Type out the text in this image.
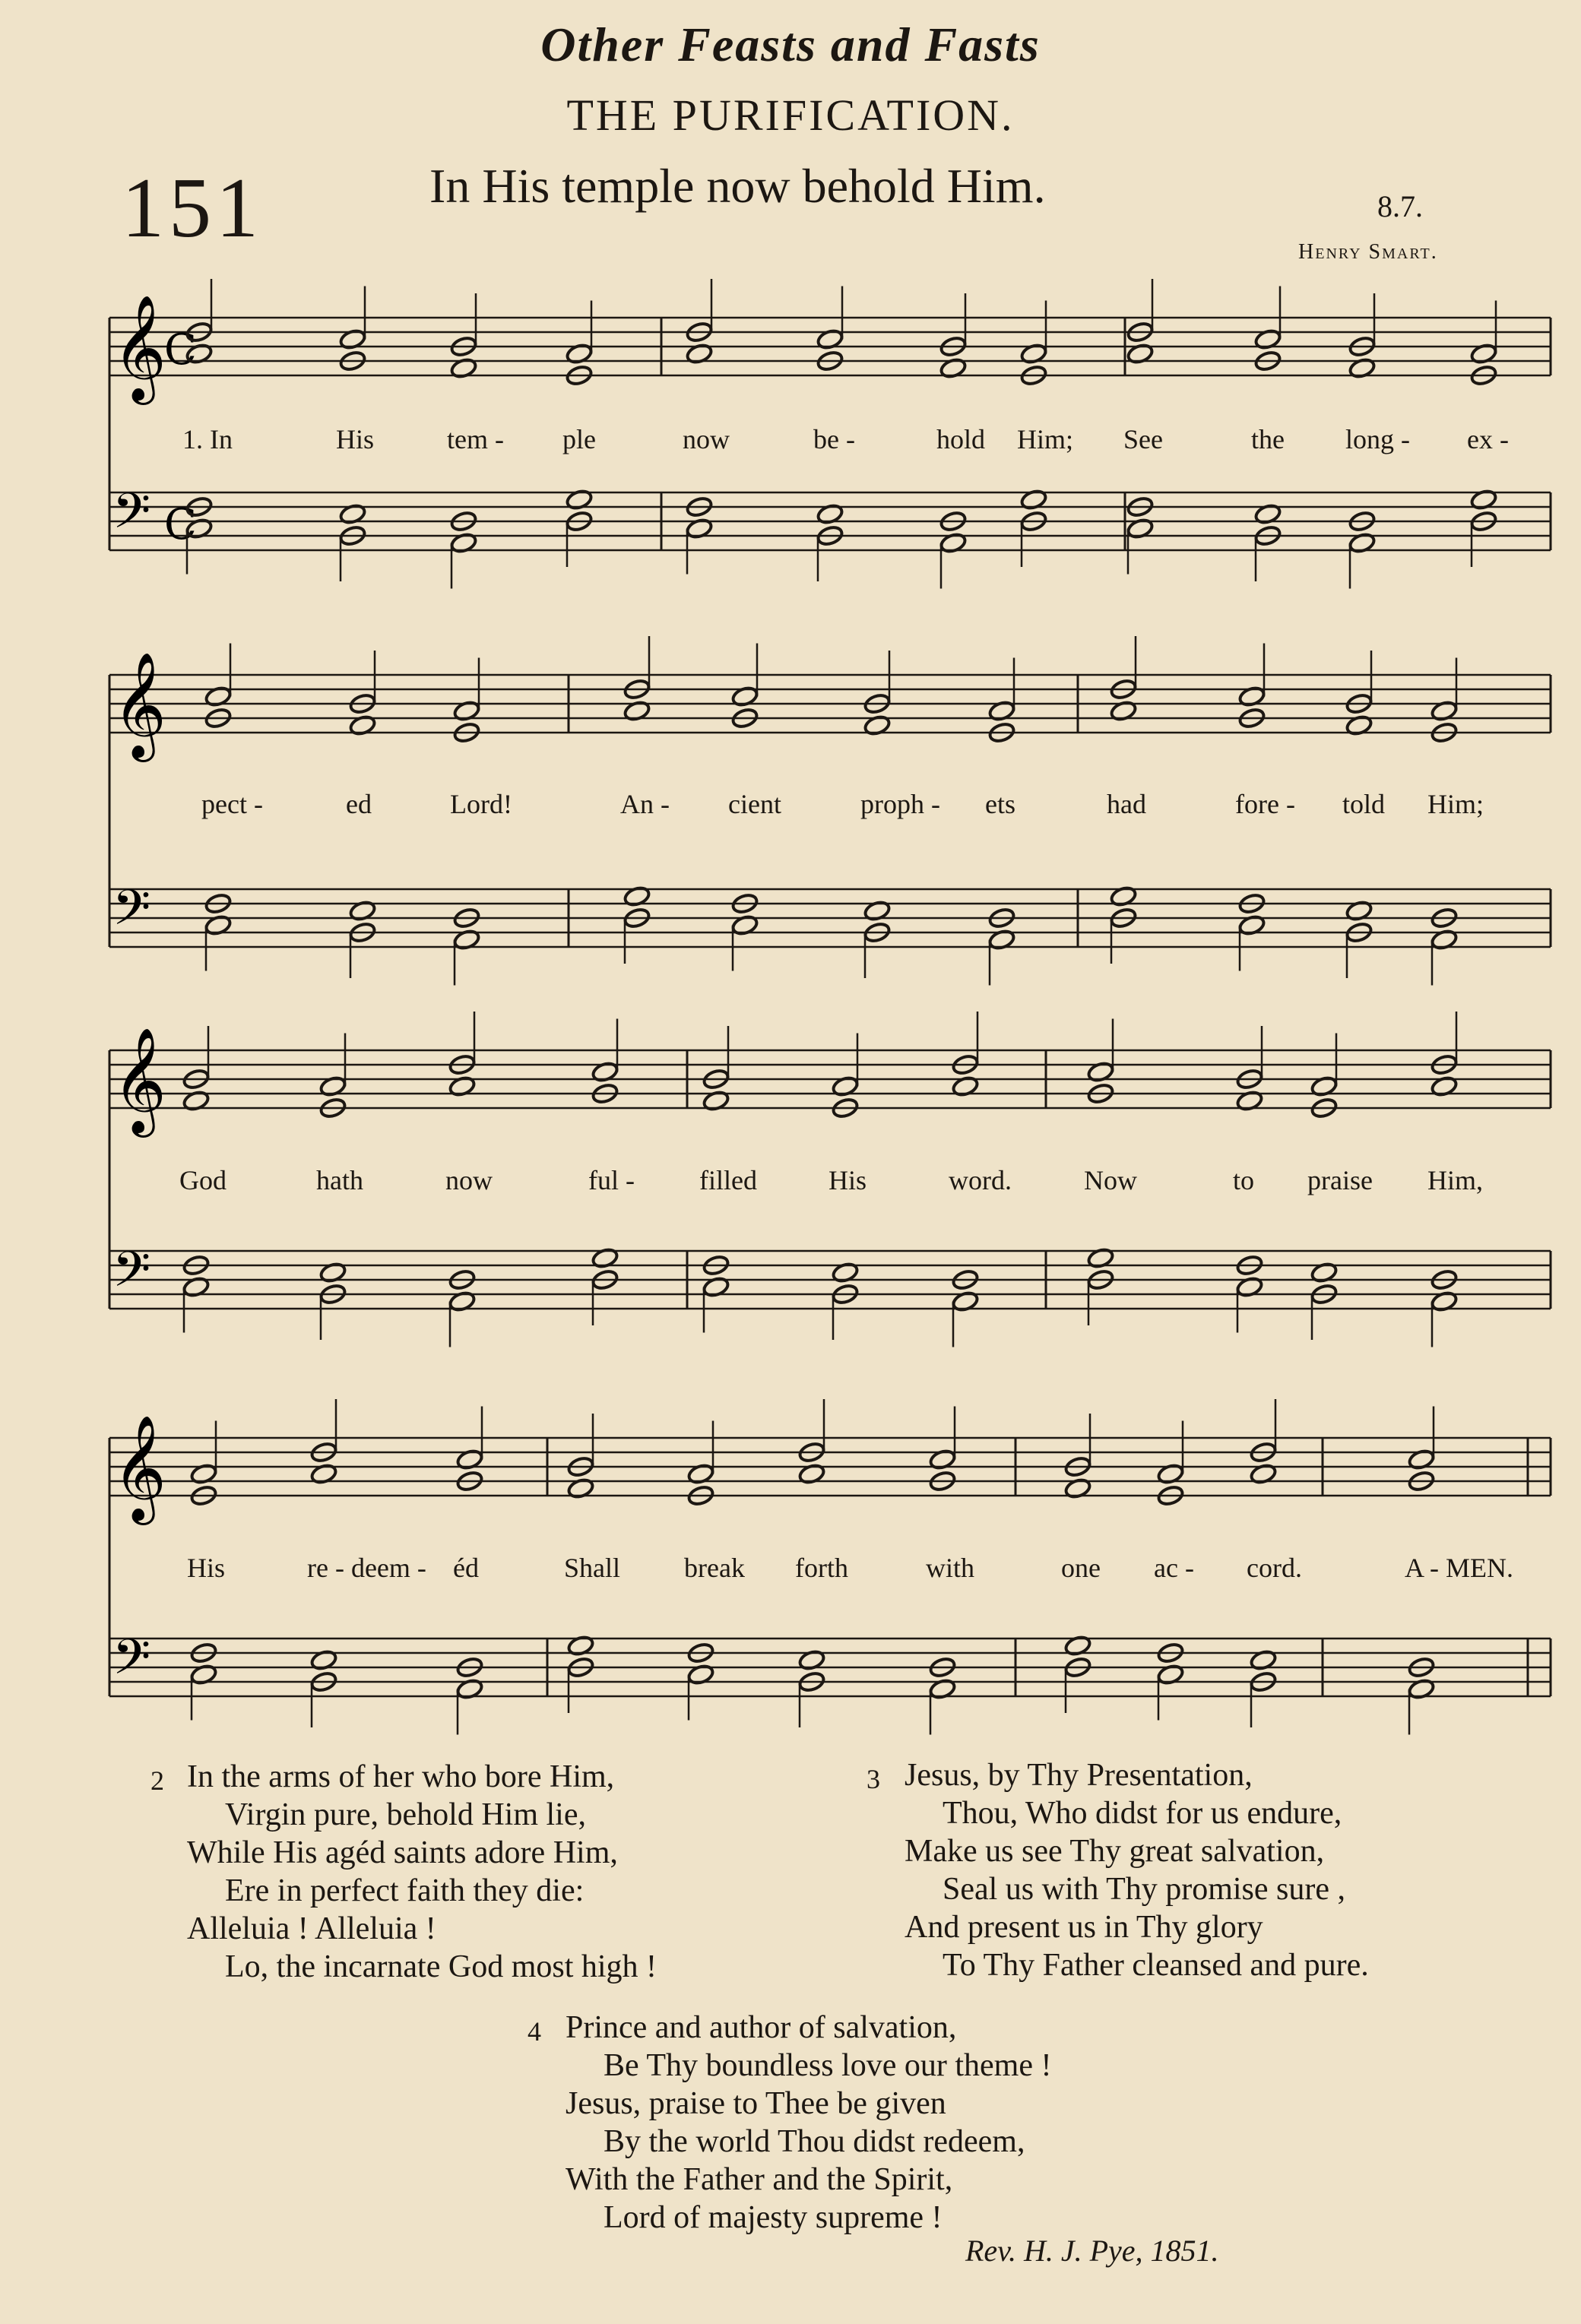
Other Feasts and Fasts
THE PURIFICATION.
151	In His temple now behold Him.	8.7.
Henry Smart.
𝄞
C
𝄢 C
𝄞
𝄢
𝄞
𝄢
𝄞
𝄢
1. In	His	tem - ple	now	be -	hold Him; See	the long - ex -
pect -	ed	Lord!	An - cient	proph - ets	had	fore - told Him;
God	hath	now	ful - filled	His	word.	Now	to praise Him,
His	re - deem - éd	Shall break forth	with	one ac - cord.	A - MEN.
2 In the arms of her who bore Him,
Virgin pure, behold Him lie,
While His agéd saints adore Him,
Ere in perfect faith they die:
Alleluia ! Alleluia !
Lo, the incarnate God most high !
3 Jesus, by Thy Presentation,
Thou, Who didst for us endure,
Make us see Thy great salvation,
Seal us with Thy promise sure ,
And present us in Thy glory
To Thy Father cleansed and pure.
4 Prince and author of salvation,
Be Thy boundless love our theme !
Jesus, praise to Thee be given
By the world Thou didst redeem,
With the Father and the Spirit,
Lord of majesty supreme !
Rev. H. J. Pye, 1851.
